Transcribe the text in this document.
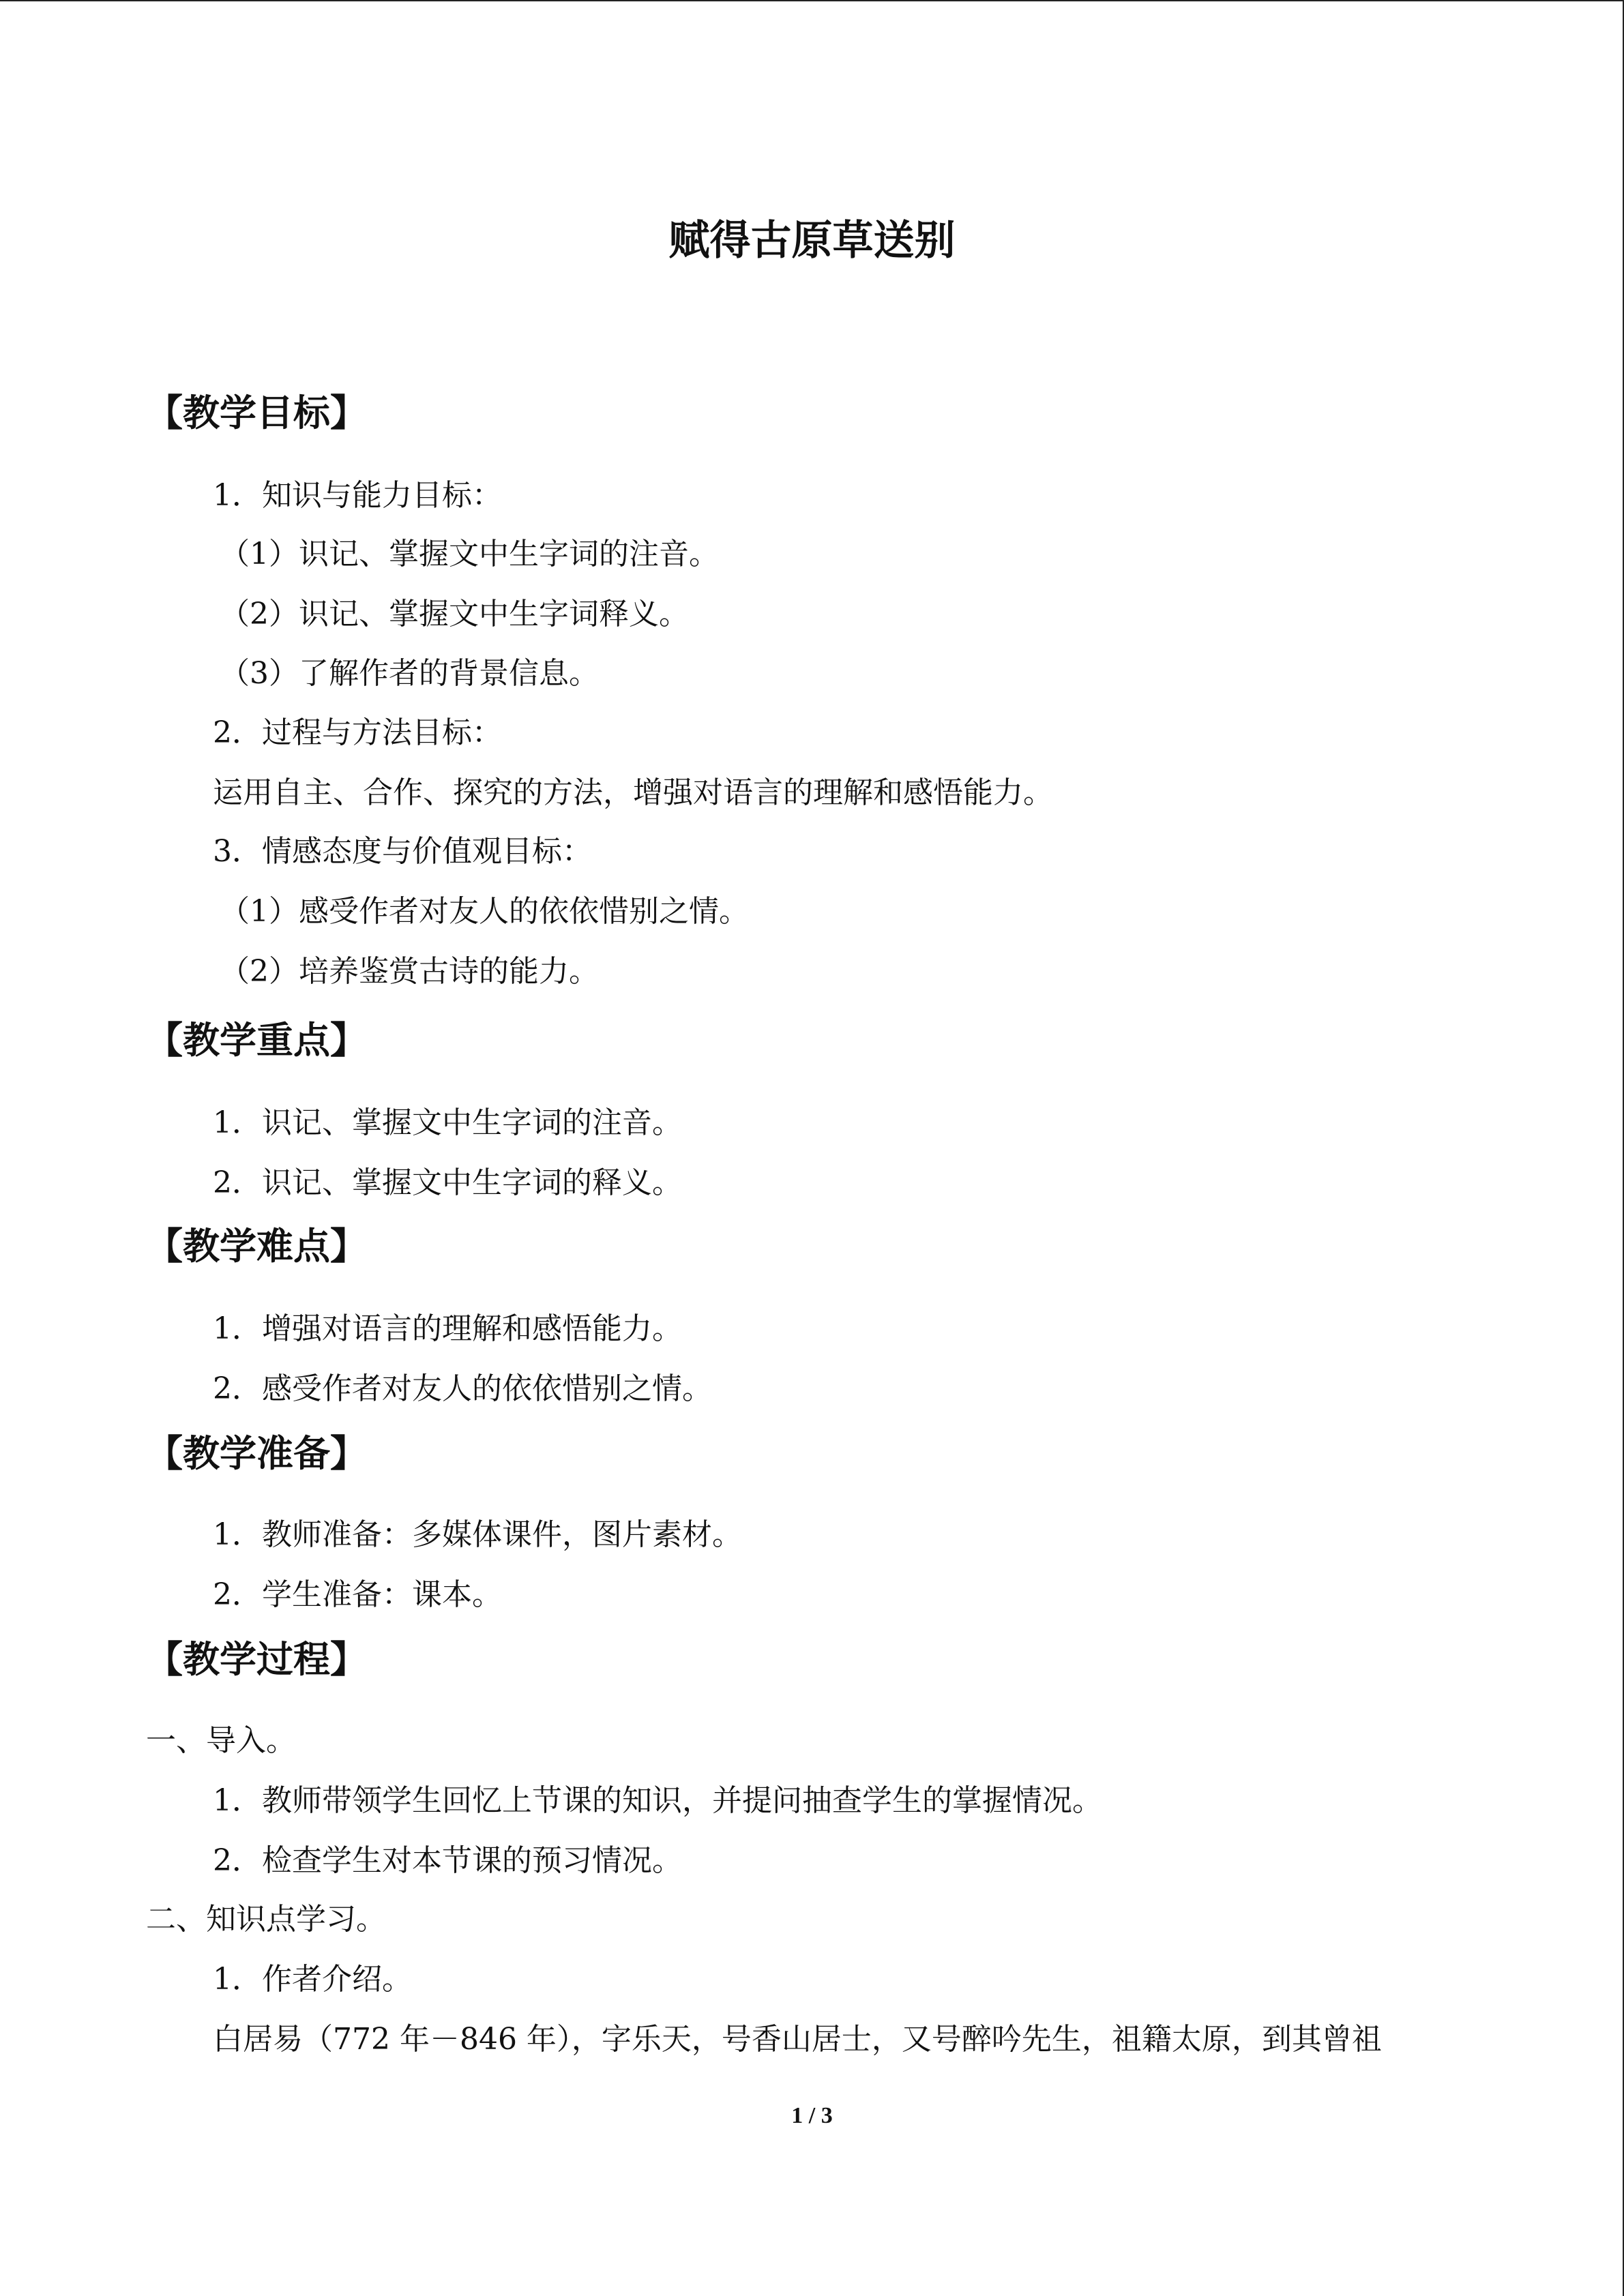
赋得古原草送别
【教学目标】
1．知识与能力目标：
（1）识记、掌握文中生字词的注音。
（2）识记、掌握文中生字词释义。
（3）了解作者的背景信息。
2．过程与方法目标：
运用自主、合作、探究的方法，增强对语言的理解和感悟能力。
3．情感态度与价值观目标：
（1）感受作者对友人的依依惜别之情。
（2）培养鉴赏古诗的能力。
【教学重点】
1．识记、掌握文中生字词的注音。
2．识记、掌握文中生字词的释义。
【教学难点】
1．增强对语言的理解和感悟能力。
2．感受作者对友人的依依惜别之情。
【教学准备】
1．教师准备：多媒体课件，图片素材。
2．学生准备：课本。
【教学过程】
一、导入。
1．教师带领学生回忆上节课的知识，并提问抽查学生的掌握情况。
2．检查学生对本节课的预习情况。
二、知识点学习。
1．作者介绍。
白居易（772 年－846 年），字乐天，号香山居士，又号醉吟先生，祖籍太原，到其曾祖
1 / 3
